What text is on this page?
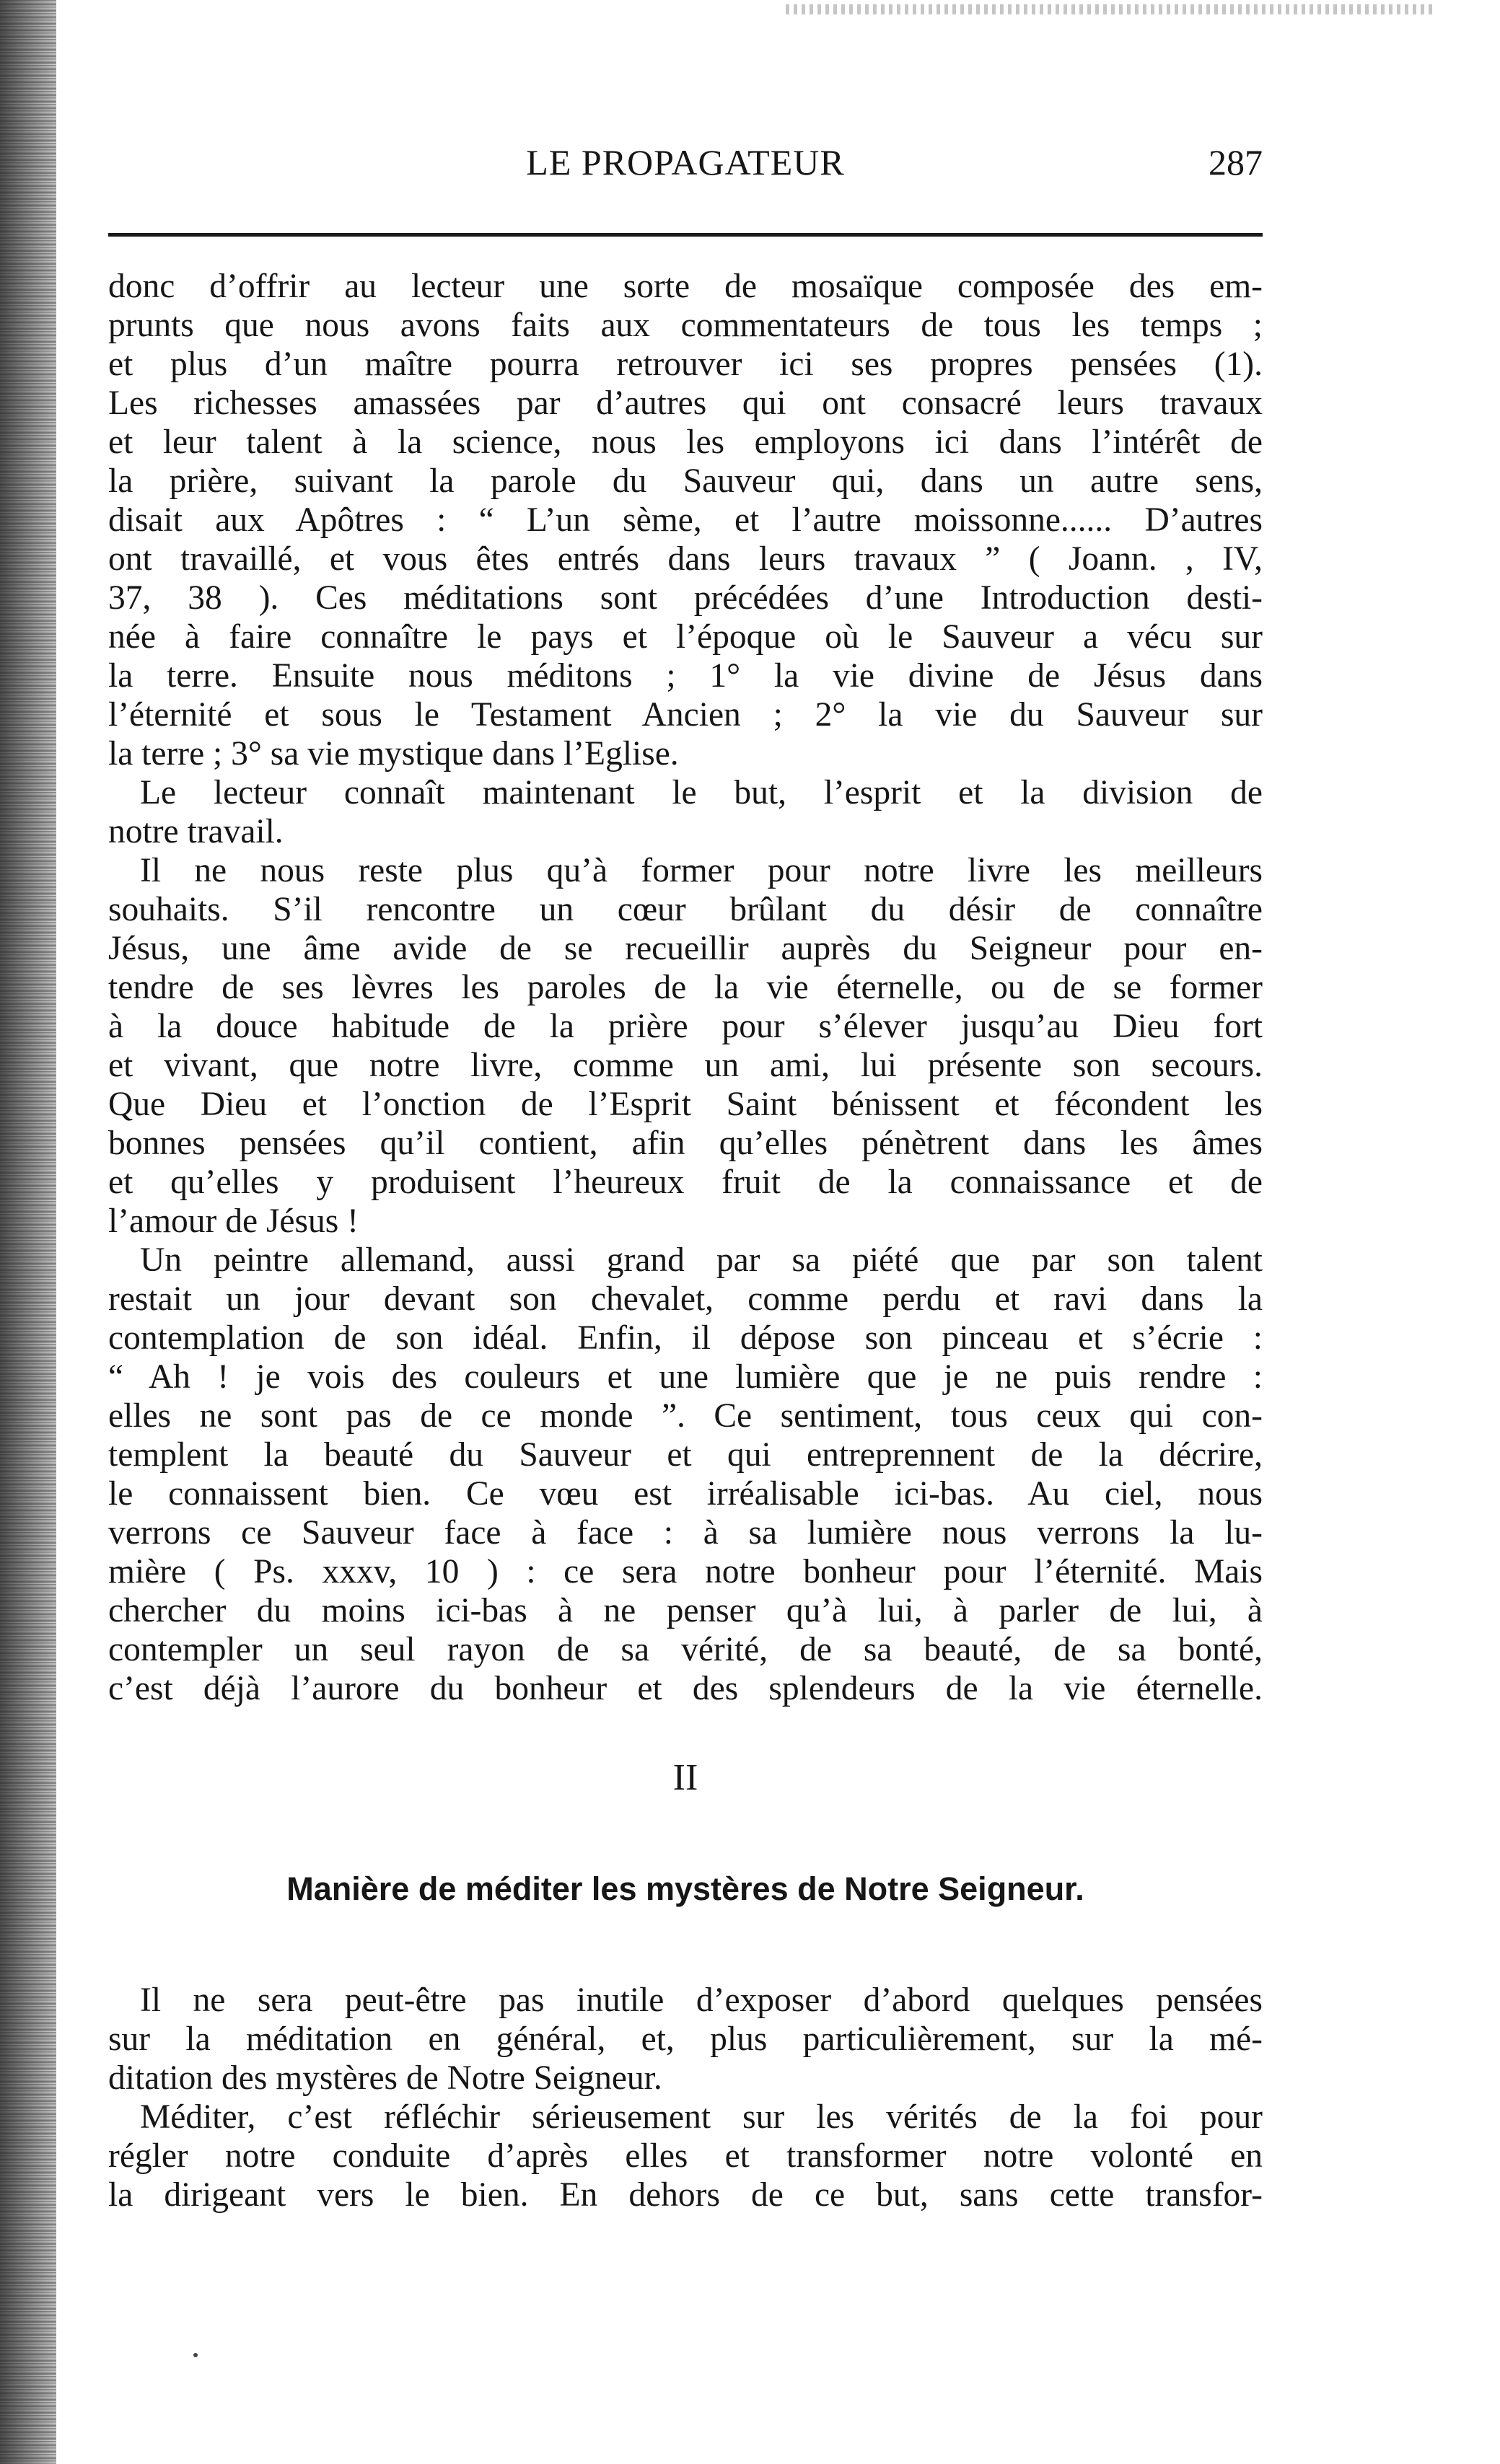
LE PROPAGATEUR	287
donc d’offrir au lecteur une sorte de mosaïque composée des em-
prunts que nous avons faits aux commentateurs de tous les temps ;
et plus d’un maître pourra retrouver ici ses propres pensées (1).
Les richesses amassées par d’autres qui ont consacré leurs travaux
et leur talent à la science, nous les employons ici dans l’intérêt de
la prière, suivant la parole du Sauveur qui, dans un autre sens,
disait aux Apôtres : “ L’un sème, et l’autre moissonne...... D’autres
ont travaillé, et vous êtes entrés dans leurs travaux ” ( Joann. , IV,
37, 38 ). Ces méditations sont précédées d’une Introduction desti-
née à faire connaître le pays et l’époque où le Sauveur a vécu sur
la terre. Ensuite nous méditons ; 1° la vie divine de Jésus dans
l’éternité et sous le Testament Ancien ; 2° la vie du Sauveur sur
la terre ; 3° sa vie mystique dans l’Eglise.
Le lecteur connaît maintenant le but, l’esprit et la division de
notre travail.
Il ne nous reste plus qu’à former pour notre livre les meilleurs
souhaits. S’il rencontre un cœur brûlant du désir de connaître
Jésus, une âme avide de se recueillir auprès du Seigneur pour en-
tendre de ses lèvres les paroles de la vie éternelle, ou de se former
à la douce habitude de la prière pour s’élever jusqu’au Dieu fort
et vivant, que notre livre, comme un ami, lui présente son secours.
Que Dieu et l’onction de l’Esprit Saint bénissent et fécondent les
bonnes pensées qu’il contient, afin qu’elles pénètrent dans les âmes
et qu’elles y produisent l’heureux fruit de la connaissance et de
l’amour de Jésus !
Un peintre allemand, aussi grand par sa piété que par son talent
restait un jour devant son chevalet, comme perdu et ravi dans la
contemplation de son idéal. Enfin, il dépose son pinceau et s’écrie :
“ Ah ! je vois des couleurs et une lumière que je ne puis rendre :
elles ne sont pas de ce monde ”. Ce sentiment, tous ceux qui con-
templent la beauté du Sauveur et qui entreprennent de la décrire,
le connaissent bien. Ce vœu est irréalisable ici-bas. Au ciel, nous
verrons ce Sauveur face à face : à sa lumière nous verrons la lu-
mière ( Ps. xxxv, 10 ) : ce sera notre bonheur pour l’éternité. Mais
chercher du moins ici-bas à ne penser qu’à lui, à parler de lui, à
contempler un seul rayon de sa vérité, de sa beauté, de sa bonté,
c’est déjà l’aurore du bonheur et des splendeurs de la vie éternelle.
II
Manière de méditer les mystères de Notre Seigneur.
Il ne sera peut-être pas inutile d’exposer d’abord quelques pensées
sur la méditation en général, et, plus particulièrement, sur la mé-
ditation des mystères de Notre Seigneur.
Méditer, c’est réfléchir sérieusement sur les vérités de la foi pour
régler notre conduite d’après elles et transformer notre volonté en
la dirigeant vers le bien. En dehors de ce but, sans cette transfor-
